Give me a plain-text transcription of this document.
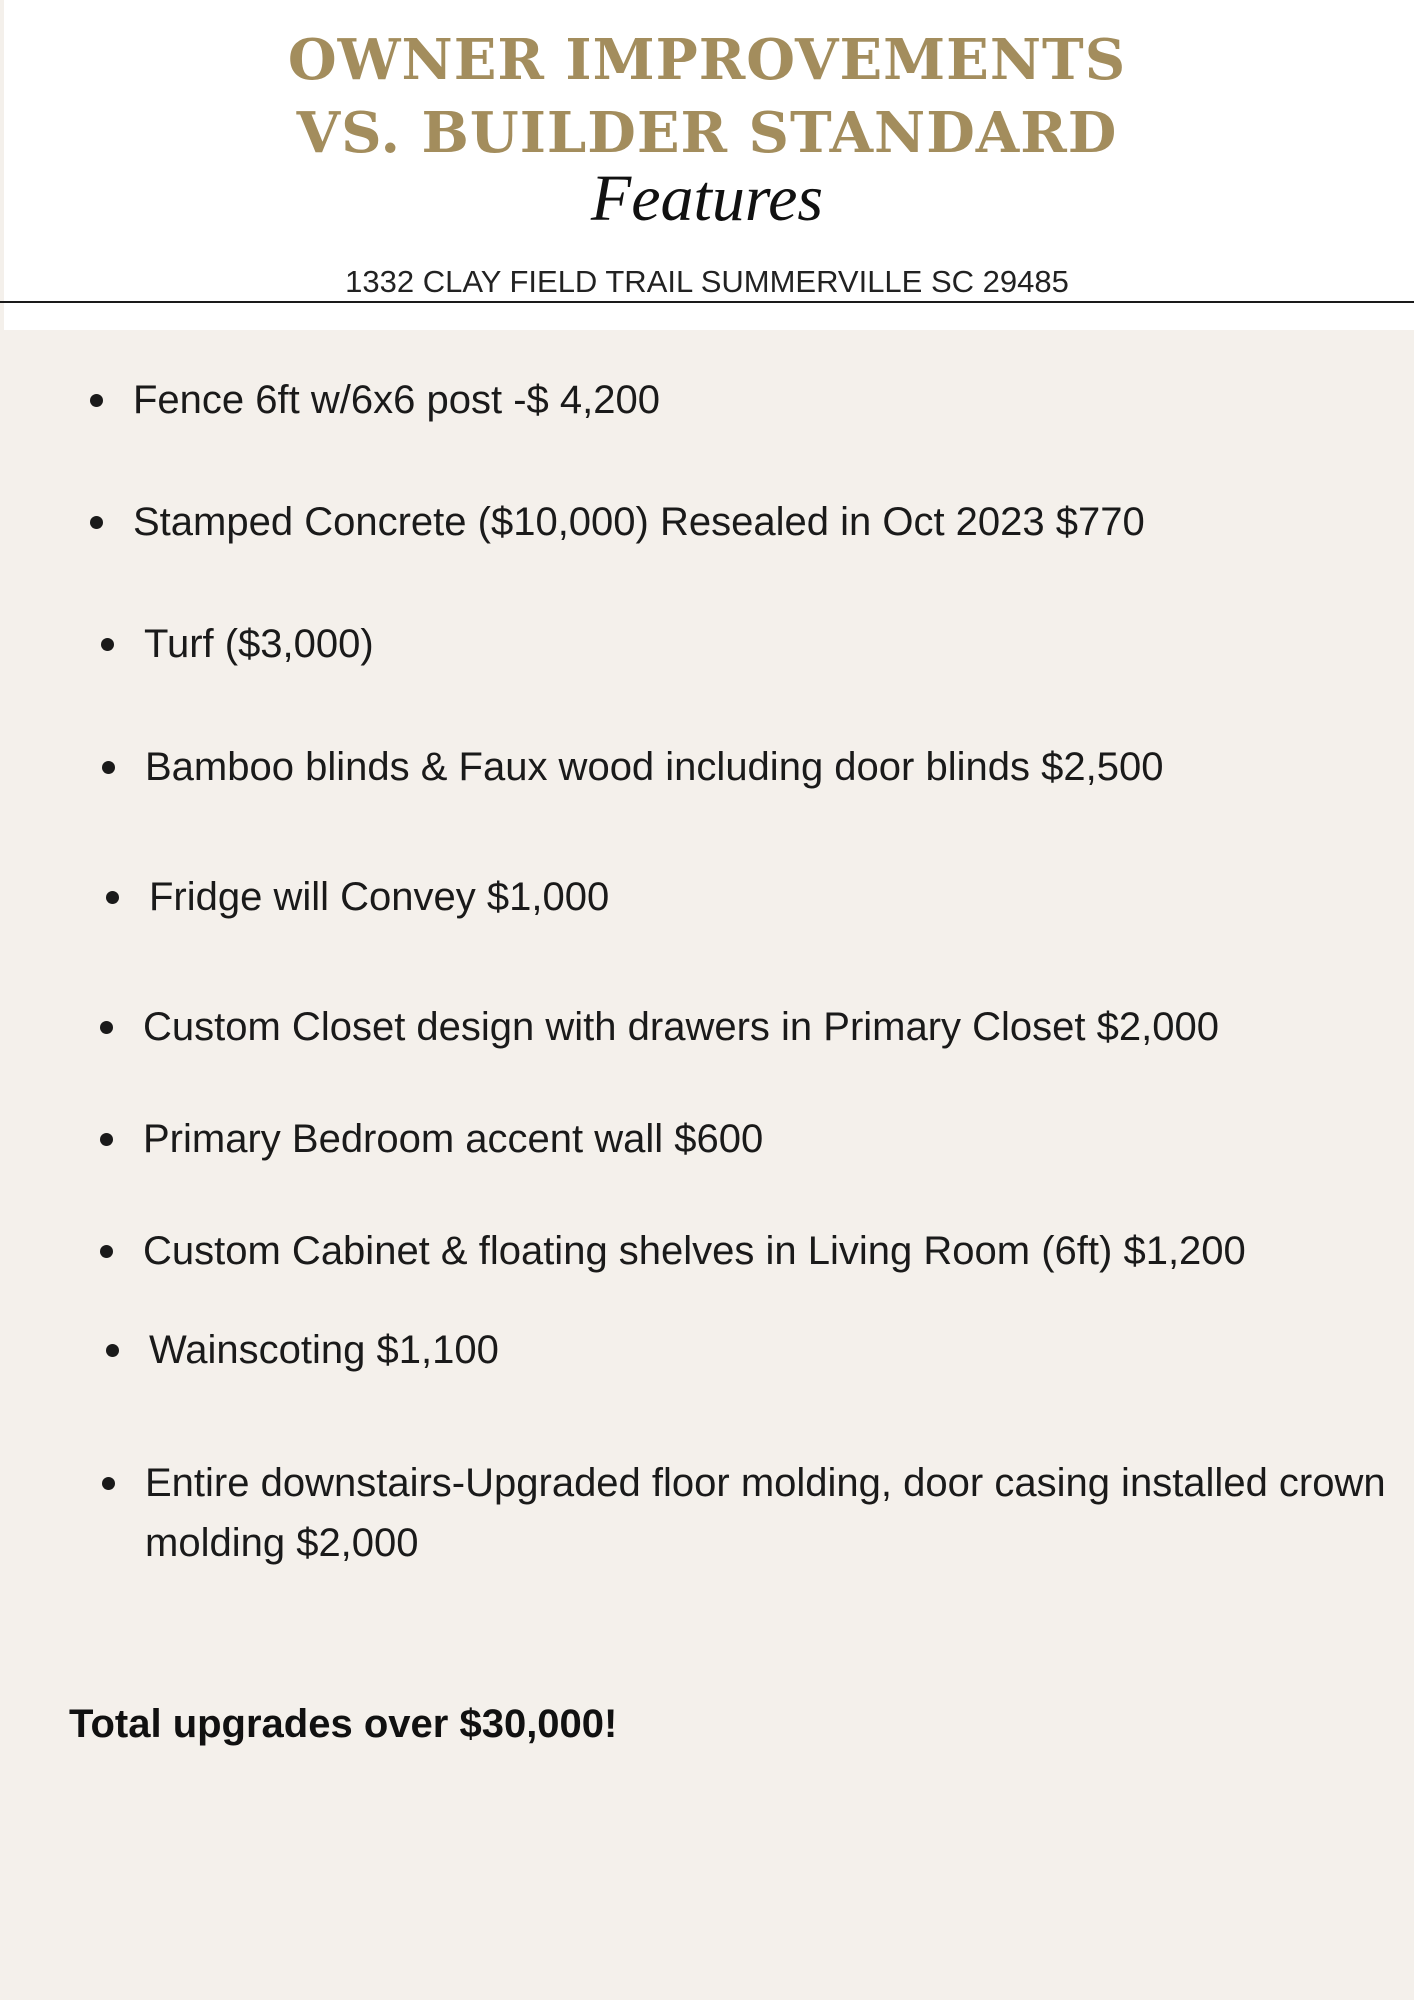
OWNER IMPROVEMENTS
VS. BUILDER STANDARD
Features
1332 CLAY FIELD TRAIL SUMMERVILLE SC 29485
Fence 6ft w/6x6 post -$ 4,200
Stamped Concrete ($10,000) Resealed in Oct 2023 $770
Turf ($3,000)
Bamboo blinds & Faux wood including door blinds $2,500
Fridge will Convey $1,000
Custom Closet design with drawers in Primary Closet $2,000
Primary Bedroom accent wall $600
Custom Cabinet & floating shelves in Living Room (6ft) $1,200
Wainscoting $1,100
Entire downstairs-Upgraded floor molding, door casing installed crown molding $2,000
Total upgrades over $30,000!
